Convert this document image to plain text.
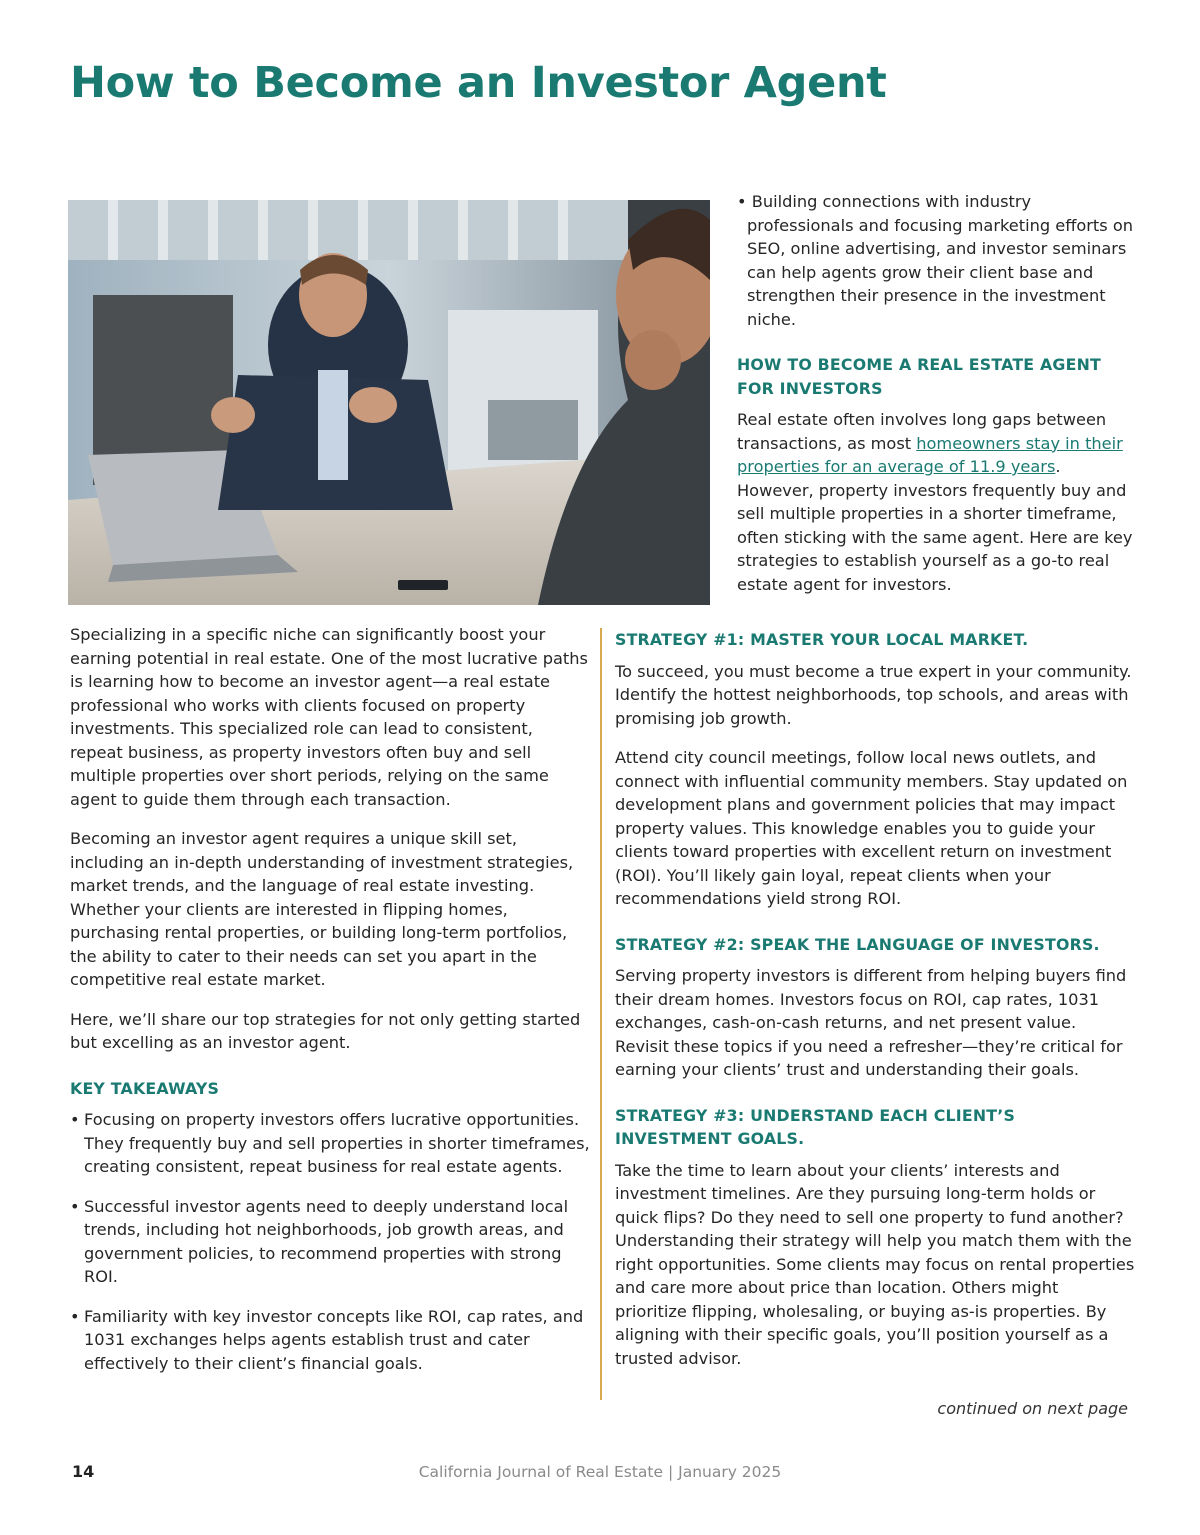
How to Become an Investor Agent

• Building connections with industry professionals and focusing marketing efforts on SEO, online advertising, and investor seminars can help agents grow their client base and strengthen their presence in the investment niche.

HOW TO BECOME A REAL ESTATE AGENT FOR INVESTORS

Real estate often involves long gaps between transactions, as most homeowners stay in their properties for an average of 11.9 years. However, property investors frequently buy and sell multiple properties in a shorter timeframe, often sticking with the same agent. Here are key strategies to establish yourself as a go-to real estate agent for investors.

Specializing in a specific niche can significantly boost your earning potential in real estate. One of the most lucrative paths is learning how to become an investor agent—a real estate professional who works with clients focused on property investments. This specialized role can lead to consistent, repeat business, as property investors often buy and sell multiple properties over short periods, relying on the same agent to guide them through each transaction.

Becoming an investor agent requires a unique skill set, including an in-depth understanding of investment strategies, market trends, and the language of real estate investing. Whether your clients are interested in flipping homes, purchasing rental properties, or building long-term portfolios, the ability to cater to their needs can set you apart in the competitive real estate market.

Here, we’ll share our top strategies for not only getting started but excelling as an investor agent.

KEY TAKEAWAYS
• Focusing on property investors offers lucrative opportunities. They frequently buy and sell properties in shorter timeframes, creating consistent, repeat business for real estate agents.
• Successful investor agents need to deeply understand local trends, including hot neighborhoods, job growth areas, and government policies, to recommend properties with strong ROI.
• Familiarity with key investor concepts like ROI, cap rates, and 1031 exchanges helps agents establish trust and cater effectively to their client’s financial goals.
STRATEGY #1: MASTER YOUR LOCAL MARKET.

To succeed, you must become a true expert in your community. Identify the hottest neighborhoods, top schools, and areas with promising job growth.

Attend city council meetings, follow local news outlets, and connect with influential community members. Stay updated on development plans and government policies that may impact property values. This knowledge enables you to guide your clients toward properties with excellent return on investment (ROI). You’ll likely gain loyal, repeat clients when your recommendations yield strong ROI.

STRATEGY #2: SPEAK THE LANGUAGE OF INVESTORS.

Serving property investors is different from helping buyers find their dream homes. Investors focus on ROI, cap rates, 1031 exchanges, cash-on-cash returns, and net present value. Revisit these topics if you need a refresher—they’re critical for earning your clients’ trust and understanding their goals.

STRATEGY #3: UNDERSTAND EACH CLIENT’S INVESTMENT GOALS.

Take the time to learn about your clients’ interests and investment timelines. Are they pursuing long-term holds or quick flips? Do they need to sell one property to fund another? Understanding their strategy will help you match them with the right opportunities. Some clients may focus on rental properties and care more about price than location. Others might prioritize flipping, wholesaling, or buying as-is properties. By aligning with their specific goals, you’ll position yourself as a trusted advisor.

continued on next page
14	California Journal of Real Estate | January 2025
